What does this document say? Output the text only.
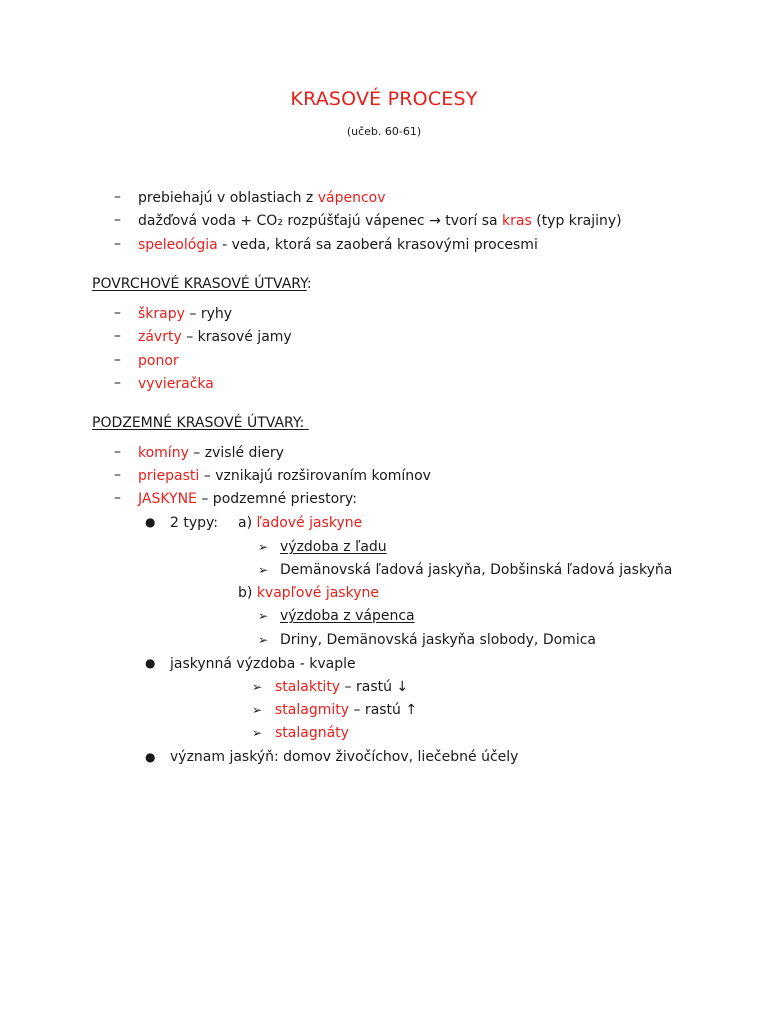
KRASOVÉ PROCESY
(učeb. 60-61)
– prebiehajú v oblastiach z vápencov
– dažďová voda + CO₂ rozpúšťajú vápenec → tvorí sa kras (typ krajiny)
– speleológia - veda, ktorá sa zaoberá krasovými procesmi
POVRCHOVÉ KRASOVÉ ÚTVARY:
– škrapy – ryhy
– závrty – krasové jamy
– ponor
– vyvieračka
PODZEMNÉ KRASOVÉ ÚTVARY:
– komíny – zvislé diery
– priepasti – vznikajú rozširovaním komínov
– JASKYNE – podzemné priestory:
● 2 typy: a) ľadové jaskyne
➢ výzdoba z ľadu
➢ Demänovská ľadová jaskyňa, Dobšinská ľadová jaskyňa
b) kvapľové jaskyne
➢ výzdoba z vápenca
➢ Driny, Demänovská jaskyňa slobody, Domica
● jaskynná výzdoba - kvaple
➢ stalaktity – rastú ↓
➢ stalagmity – rastú ↑
➢ stalagnáty
● význam jaskýň: domov živočíchov, liečebné účely
